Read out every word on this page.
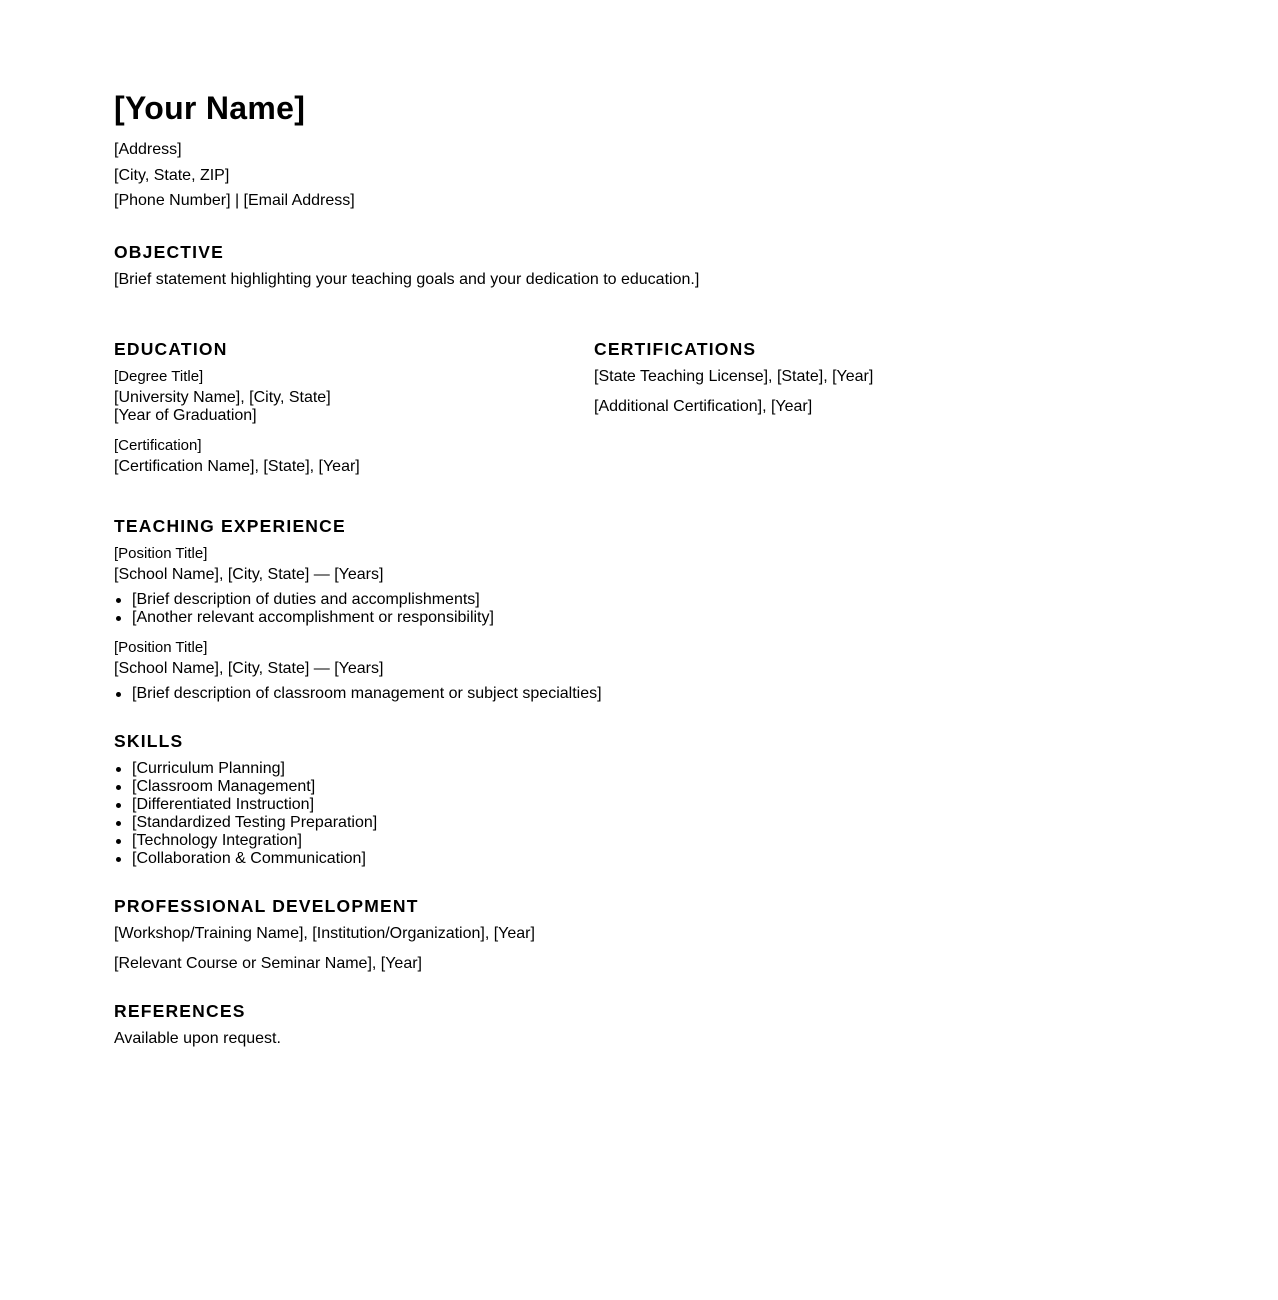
[Your Name]
[Address]
[City, State, ZIP]
[Phone Number] | [Email Address]
OBJECTIVE
[Brief statement highlighting your teaching goals and your dedication to education.]
EDUCATION
[Degree Title]
[University Name], [City, State]
[Year of Graduation]
[Certification]
[Certification Name], [State], [Year]
CERTIFICATIONS
[State Teaching License], [State], [Year]
[Additional Certification], [Year]
TEACHING EXPERIENCE
[Position Title]
[School Name], [City, State] — [Years]
[Brief description of duties and accomplishments]
[Another relevant accomplishment or responsibility]
[Position Title]
[School Name], [City, State] — [Years]
[Brief description of classroom management or subject specialties]
SKILLS
[Curriculum Planning]
[Classroom Management]
[Differentiated Instruction]
[Standardized Testing Preparation]
[Technology Integration]
[Collaboration & Communication]
PROFESSIONAL DEVELOPMENT
[Workshop/Training Name], [Institution/Organization], [Year]
[Relevant Course or Seminar Name], [Year]
REFERENCES
Available upon request.
